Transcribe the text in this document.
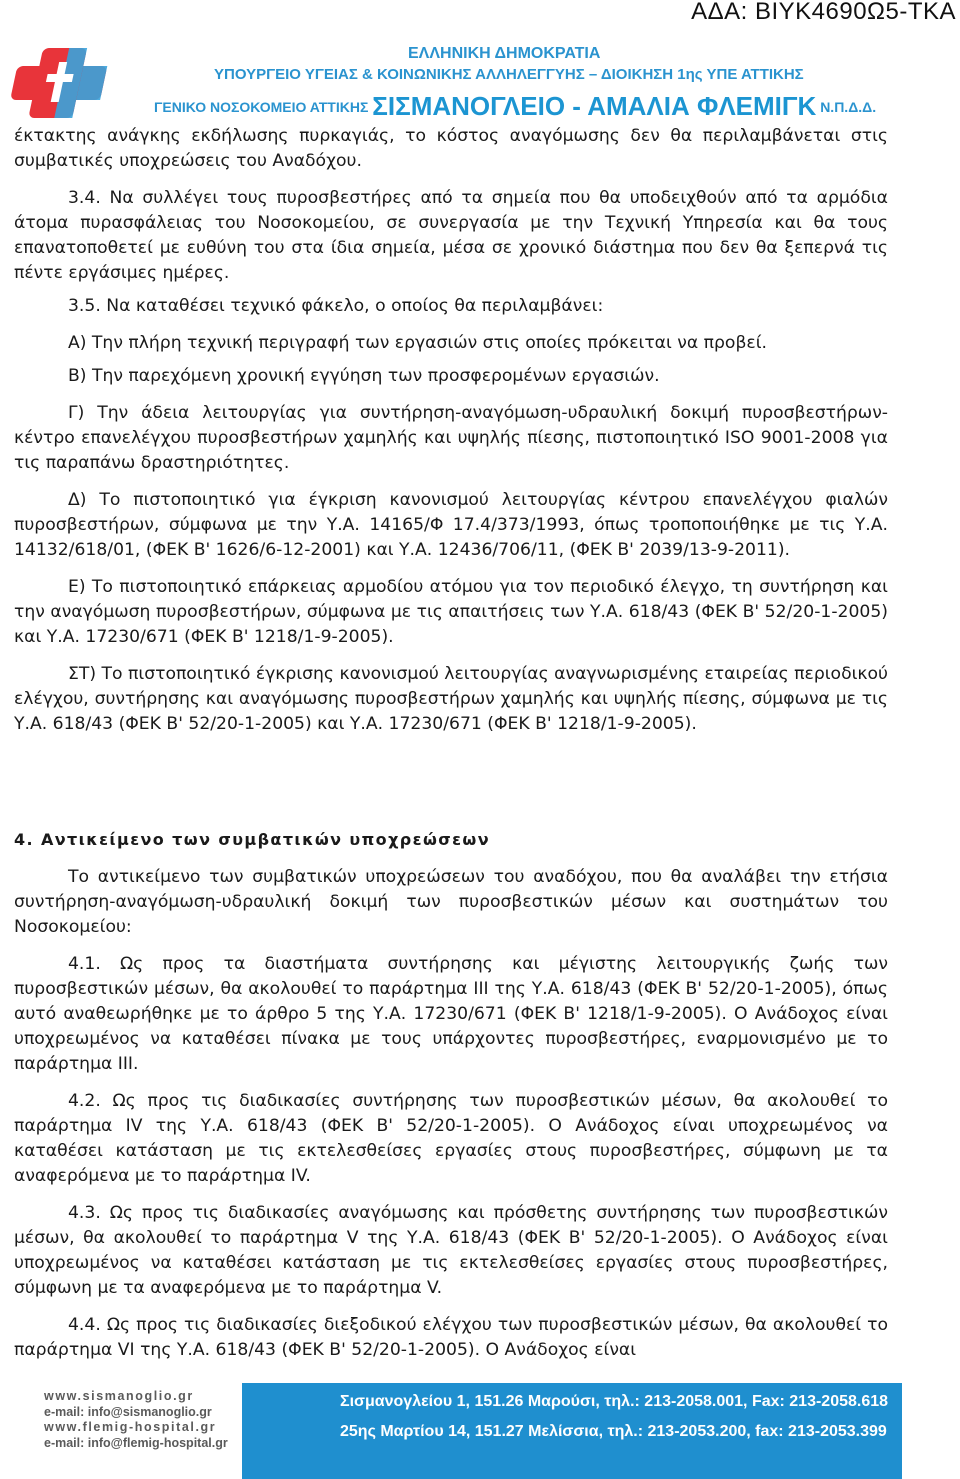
ΑΔΑ: ΒΙΥΚ4690Ω5-ΤΚΑ
ΕΛΛΗΝΙΚΗ ΔΗΜΟΚΡΑΤΙΑ
ΥΠΟΥΡΓΕΙΟ ΥΓΕΙΑΣ & ΚΟΙΝΩΝΙΚΗΣ ΑΛΛΗΛΕΓΓΥΗΣ – ΔΙΟΙΚΗΣΗ 1ης ΥΠΕ ΑΤΤΙΚΗΣ
ΓΕΝΙΚΟ ΝΟΣΟΚΟΜΕΙΟ ΑΤΤΙΚΗΣ ΣΙΣΜΑΝΟΓΛΕΙΟ - ΑΜΑΛΙΑ ΦΛΕΜΙΓΚ Ν.Π.Δ.Δ.

έκτακτης ανάγκης εκδήλωσης πυρκαγιάς, το κόστος αναγόμωσης δεν θα περιλαμβάνεται στις συμβατικές υποχρεώσεις του Αναδόχου.

3.4. Να συλλέγει τους πυροσβεστήρες από τα σημεία που θα υποδειχθούν από τα αρμόδια άτομα πυρασφάλειας του Νοσοκομείου, σε συνεργασία με την Τεχνική Υπηρεσία και θα τους επανατοποθετεί με ευθύνη του στα ίδια σημεία, μέσα σε χρονικό διάστημα που δεν θα ξεπερνά τις πέντε εργάσιμες ημέρες.

3.5. Να καταθέσει τεχνικό φάκελο, ο οποίος θα περιλαμβάνει:

Α) Την πλήρη τεχνική περιγραφή των εργασιών στις οποίες πρόκειται να προβεί.

Β) Την παρεχόμενη χρονική εγγύηση των προσφερομένων εργασιών.

Γ) Την άδεια λειτουργίας για συντήρηση-αναγόμωση-υδραυλική δοκιμή πυροσβεστήρων-κέντρο επανελέγχου πυροσβεστήρων χαμηλής και υψηλής πίεσης, πιστοποιητικό ISO 9001-2008 για τις παραπάνω δραστηριότητες.

Δ) Το πιστοποιητικό για έγκριση κανονισμού λειτουργίας κέντρου επανελέγχου φιαλών πυροσβεστήρων, σύμφωνα με την Υ.Α. 14165/Φ 17.4/373/1993, όπως τροποποιήθηκε με τις Υ.Α. 14132/618/01, (ΦΕΚ Β' 1626/6-12-2001) και Υ.Α. 12436/706/11, (ΦΕΚ Β' 2039/13-9-2011).

Ε) Το πιστοποιητικό επάρκειας αρμοδίου ατόμου για τον περιοδικό έλεγχο, τη συντήρηση και την αναγόμωση πυροσβεστήρων, σύμφωνα με τις απαιτήσεις των Υ.Α. 618/43 (ΦΕΚ Β' 52/20-1-2005) και Υ.Α. 17230/671 (ΦΕΚ Β' 1218/1-9-2005).

ΣΤ) Το πιστοποιητικό έγκρισης κανονισμού λειτουργίας αναγνωρισμένης εταιρείας περιοδικού ελέγχου, συντήρησης και αναγόμωσης πυροσβεστήρων χαμηλής και υψηλής πίεσης, σύμφωνα με τις Υ.Α. 618/43 (ΦΕΚ Β' 52/20-1-2005) και Υ.Α. 17230/671 (ΦΕΚ Β' 1218/1-9-2005).

4. Αντικείμενο των συμβατικών υποχρεώσεων

Το αντικείμενο των συμβατικών υποχρεώσεων του αναδόχου, που θα αναλάβει την ετήσια συντήρηση-αναγόμωση-υδραυλική δοκιμή των πυροσβεστικών μέσων και συστημάτων του Νοσοκομείου:

4.1. Ως προς τα διαστήματα συντήρησης και μέγιστης λειτουργικής ζωής των πυροσβεστικών μέσων, θα ακολουθεί το παράρτημα ΙΙΙ της Υ.Α. 618/43 (ΦΕΚ Β' 52/20-1-2005), όπως αυτό αναθεωρήθηκε με το άρθρο 5 της Υ.Α. 17230/671 (ΦΕΚ Β' 1218/1-9-2005). Ο Ανάδοχος είναι υποχρεωμένος να καταθέσει πίνακα με τους υπάρχοντες πυροσβεστήρες, εναρμονισμένο με το παράρτημα ΙΙΙ.

4.2. Ως προς τις διαδικασίες συντήρησης των πυροσβεστικών μέσων, θα ακολουθεί το παράρτημα ΙV της Υ.Α. 618/43 (ΦΕΚ Β' 52/20-1-2005). Ο Ανάδοχος είναι υποχρεωμένος να καταθέσει κατάσταση με τις εκτελεσθείσες εργασίες στους πυροσβεστήρες, σύμφωνη με τα αναφερόμενα με το παράρτημα ΙV.

4.3. Ως προς τις διαδικασίες αναγόμωσης και πρόσθετης συντήρησης των πυροσβεστικών μέσων, θα ακολουθεί το παράρτημα V της Υ.Α. 618/43 (ΦΕΚ Β' 52/20-1-2005). Ο Ανάδοχος είναι υποχρεωμένος να καταθέσει κατάσταση με τις εκτελεσθείσες εργασίες στους πυροσβεστήρες, σύμφωνη με τα αναφερόμενα με το παράρτημα V.

4.4. Ως προς τις διαδικασίες διεξοδικού ελέγχου των πυροσβεστικών μέσων, θα ακολουθεί το παράρτημα VI της Υ.Α. 618/43 (ΦΕΚ Β' 52/20-1-2005). Ο Ανάδοχος είναι

www.sismanoglio.gr
e-mail: info@sismanoglio.gr
www.flemig-hospital.gr
e-mail: info@flemig-hospital.gr
Σισμανογλείου 1, 151.26 Μαρούσι, τηλ.: 213-2058.001, Fax: 213-2058.618
25ης Μαρτίου 14, 151.27 Μελίσσια, τηλ.: 213-2053.200, fax: 213-2053.399
